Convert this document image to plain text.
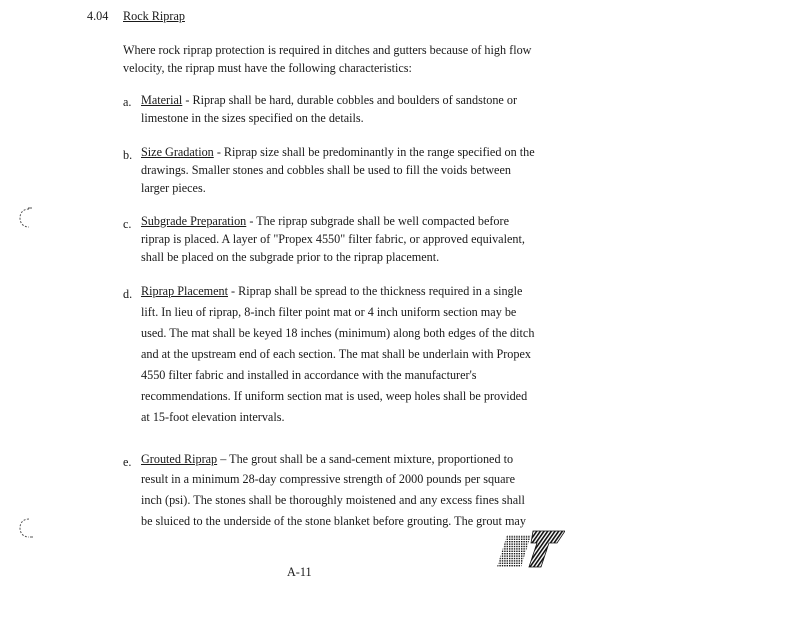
4.04 Rock Riprap
Where rock riprap protection is required in ditches and gutters because of high flow
velocity, the riprap must have the following characteristics:
a. Material - Riprap shall be hard, durable cobbles and boulders of sandstone or
limestone in the sizes specified on the details.
b. Size Gradation - Riprap size shall be predominantly in the range specified on the
drawings. Smaller stones and cobbles shall be used to fill the voids between
larger pieces.
c. Subgrade Preparation - The riprap subgrade shall be well compacted before
riprap is placed. A layer of "Propex 4550" filter fabric, or approved equivalent,
shall be placed on the subgrade prior to the riprap placement.
d. Riprap Placement - Riprap shall be spread to the thickness required in a single
lift. In lieu of riprap, 8-inch filter point mat or 4 inch uniform section may be
used. The mat shall be keyed 18 inches (minimum) along both edges of the ditch
and at the upstream end of each section. The mat shall be underlain with Propex
4550 filter fabric and installed in accordance with the manufacturer's
recommendations. If uniform section mat is used, weep holes shall be provided
at 15-foot elevation intervals.
e. Grouted Riprap – The grout shall be a sand-cement mixture, proportioned to
result in a minimum 28-day compressive strength of 2000 pounds per square
inch (psi). The stones shall be thoroughly moistened and any excess fines shall
be sluiced to the underside of the stone blanket before grouting. The grout may
A-11
